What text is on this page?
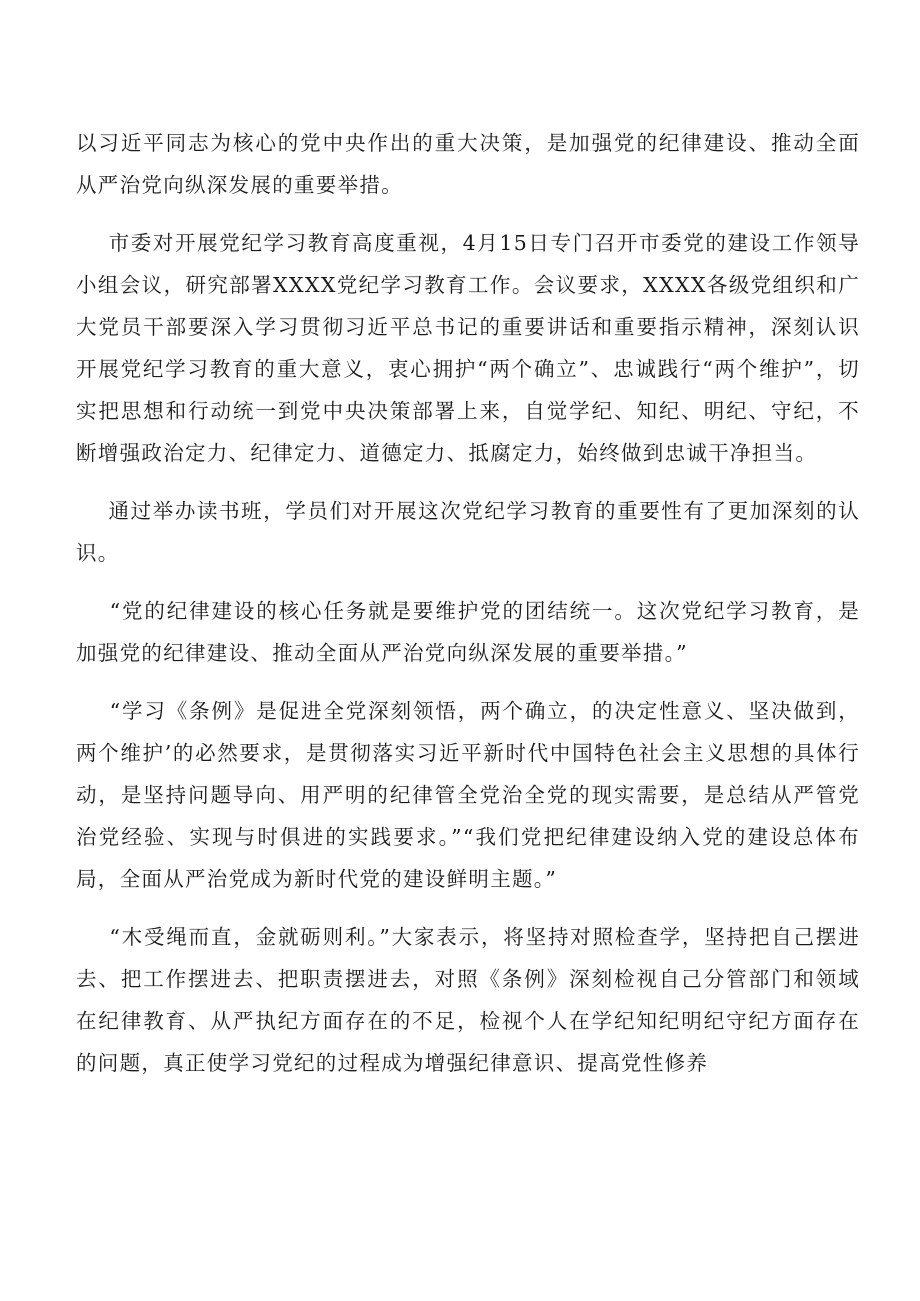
以习近平同志为核心的党中央作出的重大决策，是加强党的纪律建设、推动全面从严治党向纵深发展的重要举措。

市委对开展党纪学习教育高度重视，4月15日专门召开市委党的建设工作领导小组会议，研究部署XXXX党纪学习教育工作。会议要求，XXXX各级党组织和广大党员干部要深入学习贯彻习近平总书记的重要讲话和重要指示精神，深刻认识开展党纪学习教育的重大意义，衷心拥护“两个确立”、忠诚践行“两个维护”，切实把思想和行动统一到党中央决策部署上来，自觉学纪、知纪、明纪、守纪，不断增强政治定力、纪律定力、道德定力、抵腐定力，始终做到忠诚干净担当。

通过举办读书班，学员们对开展这次党纪学习教育的重要性有了更加深刻的认识。

“党的纪律建设的核心任务就是要维护党的团结统一。这次党纪学习教育，是加强党的纪律建设、推动全面从严治党向纵深发展的重要举措。”

“学习《条例》是促进全党深刻领悟，两个确立，的决定性意义、坚决做到，两个维护’的必然要求，是贯彻落实习近平新时代中国特色社会主义思想的具体行动，是坚持问题导向、用严明的纪律管全党治全党的现实需要，是总结从严管党治党经验、实现与时俱进的实践要求。”“我们党把纪律建设纳入党的建设总体布局，全面从严治党成为新时代党的建设鲜明主题。”

“木受绳而直，金就砺则利。”大家表示，将坚持对照检查学，坚持把自己摆进去、把工作摆进去、把职责摆进去，对照《条例》深刻检视自己分管部门和领域在纪律教育、从严执纪方面存在的不足，检视个人在学纪知纪明纪守纪方面存在的问题，真正使学习党纪的过程成为增强纪律意识、提高党性修养
